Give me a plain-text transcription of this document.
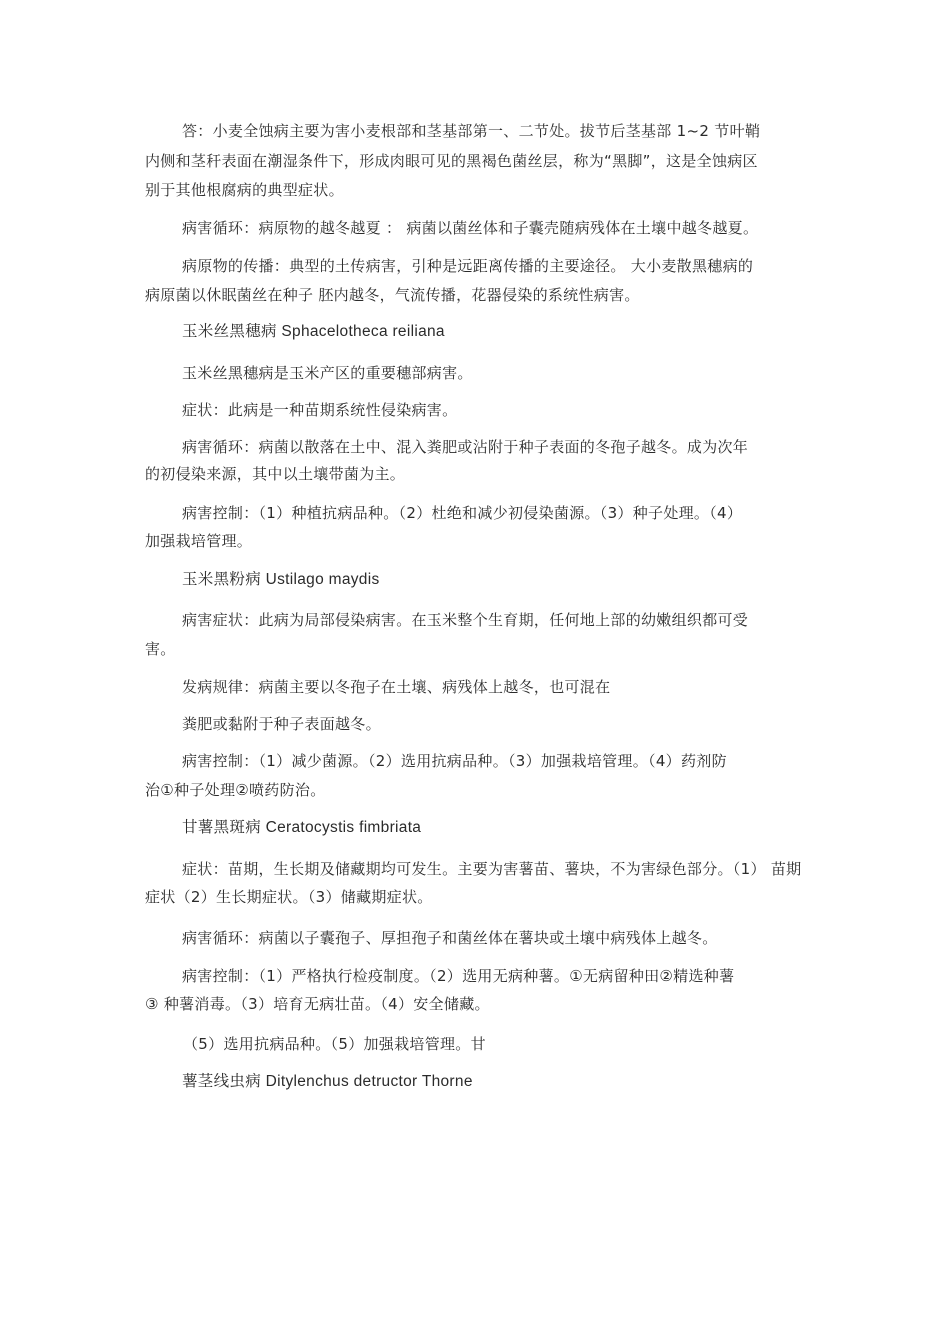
答：小麦全蚀病主要为害小麦根部和茎基部第一、二节处。拔节后茎基部 1~2 节叶鞘
内侧和茎秆表面在潮湿条件下，形成肉眼可见的黑褐色菌丝层，称为“黑脚”，这是全蚀病区
别于其他根腐病的典型症状。
病害循环：病原物的越冬越夏 ： 病菌以菌丝体和子囊壳随病残体在土壤中越冬越夏。
病原物的传播：典型的土传病害，引种是远距离传播的主要途径。 大小麦散黑穗病的
病原菌以休眠菌丝在种子 胚内越冬，气流传播，花器侵染的系统性病害。
玉米丝黑穗病 Sphacelotheca reiliana
玉米丝黑穗病是玉米产区的重要穗部病害。
症状：此病是一种苗期系统性侵染病害。
病害循环：病菌以散落在土中、混入粪肥或沾附于种子表面的冬孢子越冬。成为次年
的初侵染来源，其中以土壤带菌为主。
病害控制：（1）种植抗病品种。（2）杜绝和减少初侵染菌源。（3）种子处理。（4）
加强栽培管理。
玉米黑粉病 Ustilago maydis
病害症状：此病为局部侵染病害。在玉米整个生育期，任何地上部的幼嫩组织都可受
害。
发病规律：病菌主要以冬孢子在土壤、病残体上越冬，也可混在
粪肥或黏附于种子表面越冬。
病害控制：（1）减少菌源。（2）选用抗病品种。（3）加强栽培管理。（4）药剂防
治①种子处理②喷药防治。
甘薯黑斑病 Ceratocystis fimbriata
症状：苗期，生长期及储藏期均可发生。主要为害薯苗、薯块，不为害绿色部分。（1） 苗期
症状（2）生长期症状。（3）储藏期症状。
病害循环：病菌以子囊孢子、厚担孢子和菌丝体在薯块或土壤中病残体上越冬。
病害控制：（1）严格执行检疫制度。（2）选用无病种薯。①无病留种田②精选种薯
③ 种薯消毒。（3）培育无病壮苗。（4）安全储藏。
（5）选用抗病品种。（5）加强栽培管理。甘
薯茎线虫病 Ditylenchus detructor Thorne
